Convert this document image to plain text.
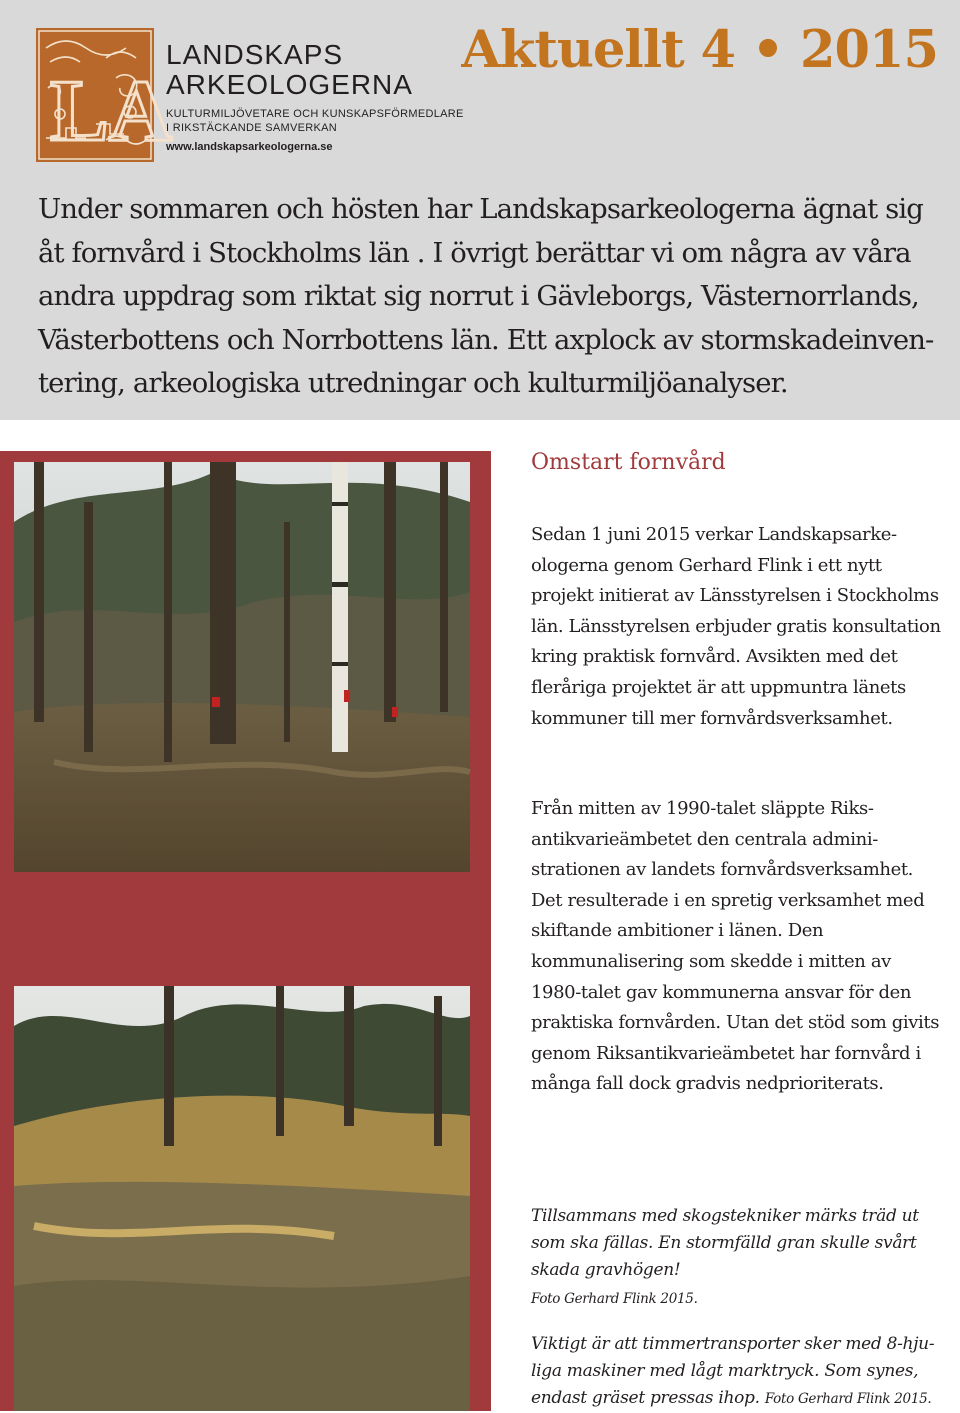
LA
LANDSKAPS
ARKEOLOGERNA
KULTURMILJÖVETARE OCH KUNSKAPSFÖRMEDLARE
I RIKSTÄCKANDE SAMVERKAN
www.landskapsarkeologerna.se
Aktuellt 4 • 2015
Under sommaren och hösten har Landskapsarkeologerna ägnat sig åt fornvård i Stockholms län . I övrigt berättar vi om några av våra andra uppdrag som riktat sig norrut i Gävleborgs, Västernorrlands, Västerbottens och Norrbottens län. Ett axplock av stormskadeinventering, arkeologiska utredningar och kulturmiljöanalyser.
Omstart fornvård
Sedan 1 juni 2015 verkar Landskapsarkeologerna genom Gerhard Flink i ett nytt projekt initierat av Länsstyrelsen i Stockholms län. Länsstyrelsen erbjuder gratis konsultation kring praktisk fornvård. Avsikten med det fleråriga projektet är att uppmuntra länets kommuner till mer fornvårdsverksamhet.
Från mitten av 1990-talet släppte Riksantikvarieämbetet den centrala administrationen av landets fornvårdsverksamhet. Det resulterade i en spretig verksamhet med skiftande ambitioner i länen. Den kommunalisering som skedde i mitten av 1980-talet gav kommunerna ansvar för den praktiska fornvården. Utan det stöd som givits genom Riksantikvarieämbetet har fornvård i många fall dock gradvis nedprioriterats.
Tillsammans med skogstekniker märks träd ut som ska fällas. En stormfälld gran skulle svårt skada gravhögen!
Foto Gerhard Flink 2015.
Viktigt är att timmertransporter sker med 8-hjuliga maskiner med lågt marktryck. Som synes, endast gräset pressas ihop. Foto Gerhard Flink 2015.
